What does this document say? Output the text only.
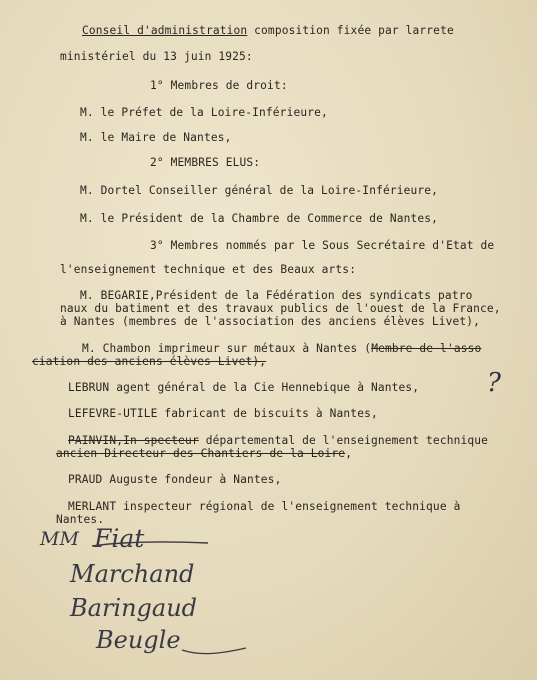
Conseil d'administration composition fixée par larrete
ministériel du 13 juin 1925:
1° Membres de droit:
M. le Préfet de la Loire-Inférieure,
M. le Maire de Nantes,
2° MEMBRES ELUS:
M. Dortel Conseiller général de la Loire-Inférieure,
M. le Président de la Chambre de Commerce de Nantes,
3° Membres nommés par le Sous Secrétaire d'Etat de
l'enseignement technique et des Beaux arts:
M. BEGARIE,Président de la Fédération des syndicats patro
naux du batiment et des travaux publics de l'ouest de la France,
à Nantes (membres de l'association des anciens élèves Livet),
M. Chambon imprimeur sur métaux à Nantes (Membre de l'asso
ciation des anciens élèves Livet),
LEBRUN agent général de la Cie Hennebique à Nantes,	?
LEFEVRE-UTILE fabricant de biscuits à Nantes,
PAINVIN,In specteur départemental de l'enseignement technique
ancien Directeur des Chantiers de la Loire,
PRAUD Auguste fondeur à Nantes,
MERLANT inspecteur régional de l'enseignement technique à
Nantes.
MM Fiat
Marchand
Baringaud
Beugle
